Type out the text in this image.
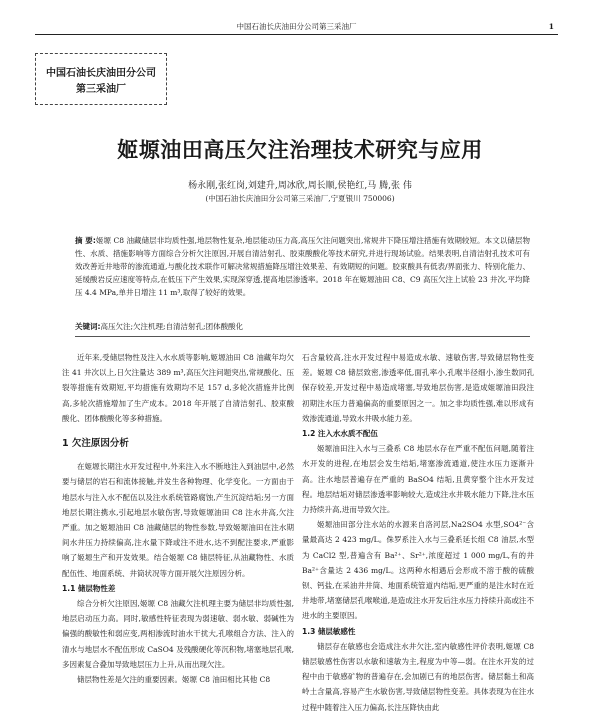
中国石油长庆油田分公司第三采油厂	1
中国石油长庆油田分公司
第三采油厂
姬塬油田高压欠注治理技术研究与应用
杨永刚,张红岗,刘建升,周冰欣,周长顺,侯艳红,马 腾,张 伟
(中国石油长庆油田分公司第三采油厂,宁夏银川 750006)
摘 要:姬塬 C8 油藏储层非均质性强,地层物性复杂,地层能动压力高,高压欠注问题突出,常规井下降压增注措施有效期较短。本文以储层物性、水质、措施影响等方面综合分析欠注原因,开展自清洁射孔、胶束酸酸化等技术研究,并进行现场试验。结果表明,自清洁射孔技术可有效改善近井地带的渗流通道,与酸化技术联作可解决常规措施降压增注效果差、有效期短的问题。胶束酸具有低表/界面张力、特别化能力、延缓酸岩反应速度等特点,在低压下产生效果,实现深穿透,提高地层渗透率。2018 年在姬塬油田 C8、C9 高压欠注上试验 23 井次,平均降压 4.4 MPa,单井日增注 11 m³,取得了较好的效果。
关键词:高压欠注;欠注机理;自清洁射孔;团体酸酸化

近年来,受储层物性及注入水水质等影响,姬塬油田 C8 油藏年均欠注 41 井次以上,日欠注量达 389 m³,高压欠注问题突出,常规酸化、压裂等措施有效期短,平均措施有效期均不足 157 d,多轮次措施井比例高,多轮次措施增加了生产成本。2018 年开展了自清洁射孔、胶束酸酸化、团体酸酸化等多种措施。

1 欠注原因分析

在姬塬长期注水开发过程中,外来注入水不断地注入到油层中,必然要与储层的岩石和流体接触,并发生各种物理、化学变化。一方面由于地层水与注入水不配伍以及注水系统管路腐蚀,产生沉淀结垢;另一方面地层长期注携水,引起地层水敏伤害,导致姬塬油田 C8 注水井高,欠注严重。加之姬塬油田 C8 油藏储层的物性参数,导致姬塬油田在注水期间水井压力持续偏高,注水量下降或注不进水,达不到配注要求,严重影响了姬塬生产和开发效果。结合姬塬 C8 储层特征,从油藏物性、水质配伍性、地面系统、井筒状况等方面开展欠注原因分析。

1.1 储层物性差

综合分析欠注原因,姬塬 C8 油藏欠注机理主要为储层非均质性强,地层启动压力高。同时,敏感性特征表现为弱速敏、弱水敏、弱碱性为偏强的酸敏性和弱应变,两相渗流时油水干扰大,孔喉组合方法、注入的清水与地层水不配伍形成 CaSO4 及残酸硬化等沉积物,堵塞地层孔喉,多因素复合叠加导致地层压力上升,从而出现欠注。

储层物性差是欠注的重要因素。姬塬 C8 油田相比其他 C8

石含量较高,注水开发过程中易造成水敏、速敏伤害,导致储层物性变差。姬塬 C8 储层致密,渗透率低,面孔率小,孔喉半径细小,渗生数同孔保存较差,开发过程中易造成堵塞,导致地层伤害,是造成姬塬油田段注初期注水压力普遍偏高的重要原因之一。加之非均质性强,难以形成有效渗流通道,导致水井吸水能力差。

1.2 注入水水质不配伍

姬塬油田注入水与三叠系 C8 地层水存在严重不配伍问题,随着注水开发的进程,在地层会发生结垢,堵塞渗流通道,使注水压力逐渐升高。注水地层普遍存在严重的 BaSO4 结垢,且黄穿整个注水开发过程。地层结垢对储层渗透率影响较大,造成注水井吸水能力下降,注水压力持续升高,进而导致欠注。

姬塬油田部分注水站的水源来自洛河层,Na2SO4 水型,SO4²⁻含量最高达 2 423 mg/L。侏罗系注入水与三叠系延长组 C8 油层,水型为 CaCl2 型,普遍含有 Ba²⁺、Sr²⁺,浓度超过 1 000 mg/L,有的井 Ba²⁺含量达 2 436 mg/L。这两种水相遇后会形成不溶于酸的硫酸钡、钙盐,在采油井井筒、地面系统管道内结垢,更严重的是注水时在近井地带,堵塞储层孔喉喉道,是造成注水开发后注水压力持续升高或注不进水的主要原因。

1.3 储层敏感性

储层存在敏感也会造成注水井欠注,室内敏感性评价表明,姬塬 C8 储层敏感性伤害以水敏和速敏为主,程度为中等—弱。在注水开发的过程中由于敏感矿物的普遍存在,会加剧已有的地层伤害。储层黏土和高岭土含量高,容易产生水敏伤害,导致储层物性变差。具体表现为在注水过程中随着注入压力偏高,长注压降快由此
